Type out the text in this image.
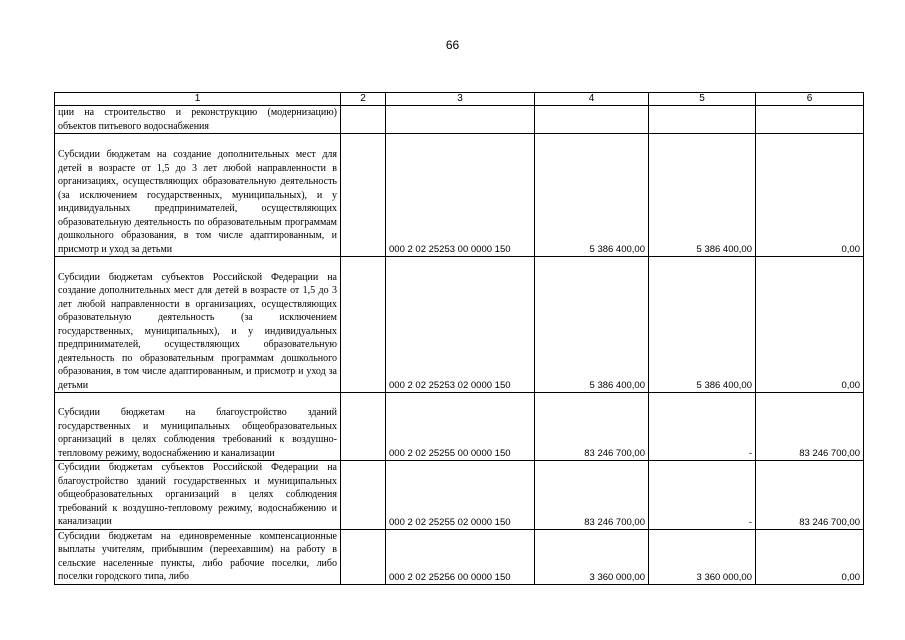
66
1	2	3	4	5	6
ции на строительство и реконструкцию (модернизацию) объектов питьевого водоснабжения					
Субсидии бюджетам на создание дополнительных мест для детей в возрасте от 1,5 до 3 лет любой направленности в организациях, осуществляющих образовательную деятельность (за исключением государственных, муниципальных), и у индивидуальных предпринимателей, осуществляющих образовательную деятельность по образовательным программам дошкольного образования, в том числе адаптированным, и присмотр и уход за детьми		000 2 02 25253 00 0000 150	5 386 400,00	5 386 400,00	0,00
Субсидии бюджетам субъектов Российской Федерации на создание дополнительных мест для детей в возрасте от 1,5 до 3 лет любой направленности в организациях, осуществляющих образовательную деятельность (за исключением государственных, муниципальных), и у индивидуальных предпринимателей, осуществляющих образовательную деятельность по образовательным программам дошкольного образования, в том числе адаптированным, и присмотр и уход за детьми		000 2 02 25253 02 0000 150	5 386 400,00	5 386 400,00	0,00
Субсидии бюджетам на благоустройство зданий государственных и муниципальных общеобразовательных организаций в целях соблюдения требований к воздушно-тепловому режиму, водоснабжению и канализации		000 2 02 25255 00 0000 150	83 246 700,00	-	83 246 700,00
Субсидии бюджетам субъектов Российской Федерации на благоустройство зданий государственных и муниципальных общеобразовательных организаций в целях соблюдения требований к воздушно-тепловому режиму, водоснабжению и канализации		000 2 02 25255 02 0000 150	83 246 700,00	-	83 246 700,00
Субсидии бюджетам на единовременные компенсационные выплаты учителям, прибывшим (переехавшим) на работу в сельские населенные пункты, либо рабочие поселки, либо поселки городского типа, либо		000 2 02 25256 00 0000 150	3 360 000,00	3 360 000,00	0,00
